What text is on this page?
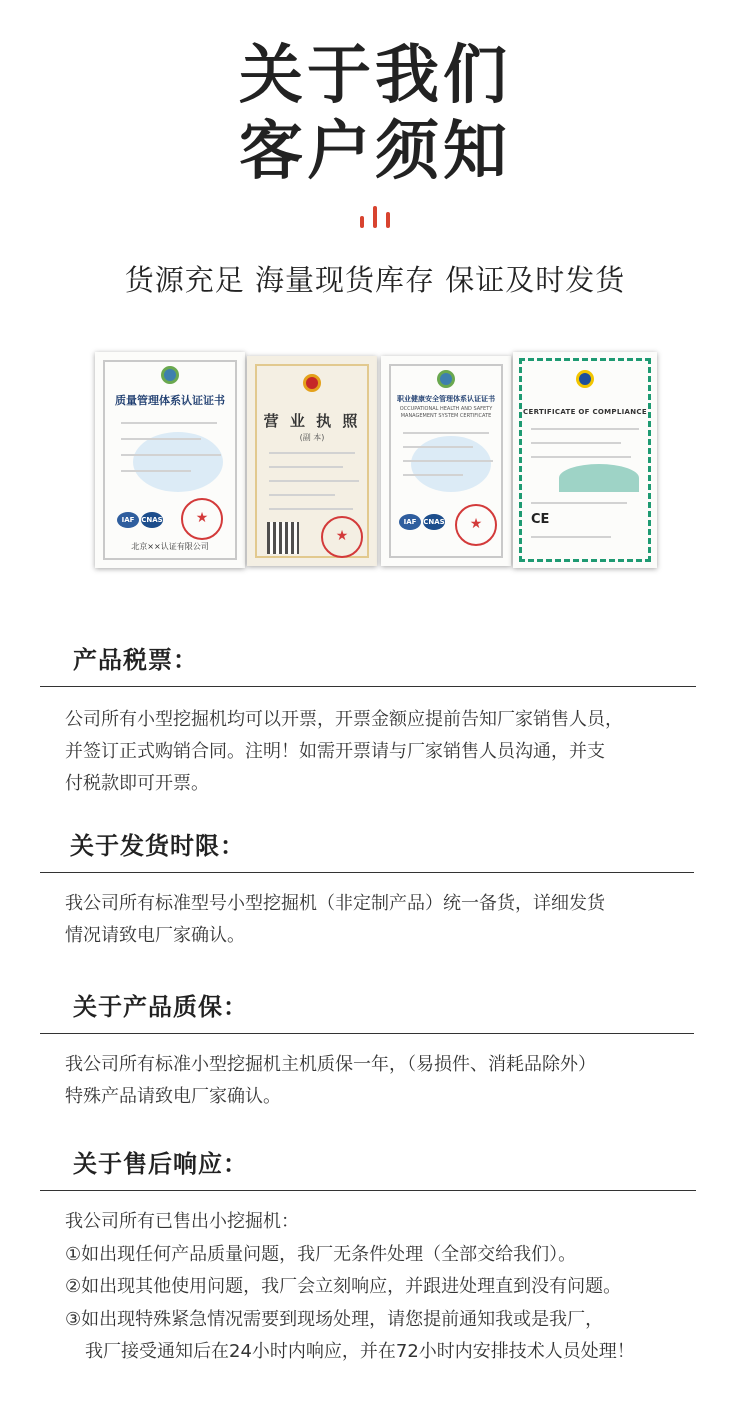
关于我们
客户须知
货源充足 海量现货库存 保证及时发货
质量管理体系认证证书
IAF CNAS
★
北京××认证有限公司
营 业 执 照
(副 本)
★
职业健康安全管理体系认证证书
OCCUPATIONAL HEALTH AND SAFETY MANAGEMENT SYSTEM CERTIFICATE
IAF CNAS
★
CERTIFICATE OF COMPLIANCE
CE
产品税票：

公司所有小型挖掘机均可以开票，开票金额应提前告知厂家销售人员，

并签订正式购销合同。注明！如需开票请与厂家销售人员沟通，并支

付税款即可开票。

关于发货时限：

我公司所有标准型号小型挖掘机（非定制产品）统一备货，详细发货

情况请致电厂家确认。

关于产品质保：

我公司所有标准小型挖掘机主机质保一年，（易损件、消耗品除外）

特殊产品请致电厂家确认。

关于售后响应：

我公司所有已售出小挖掘机：

①如出现任何产品质量问题，我厂无条件处理（全部交给我们）。

②如出现其他使用问题，我厂会立刻响应，并跟进处理直到没有问题。

③如出现特殊紧急情况需要到现场处理，请您提前通知我或是我厂，

我厂接受通知后在24小时内响应，并在72小时内安排技术人员处理！
